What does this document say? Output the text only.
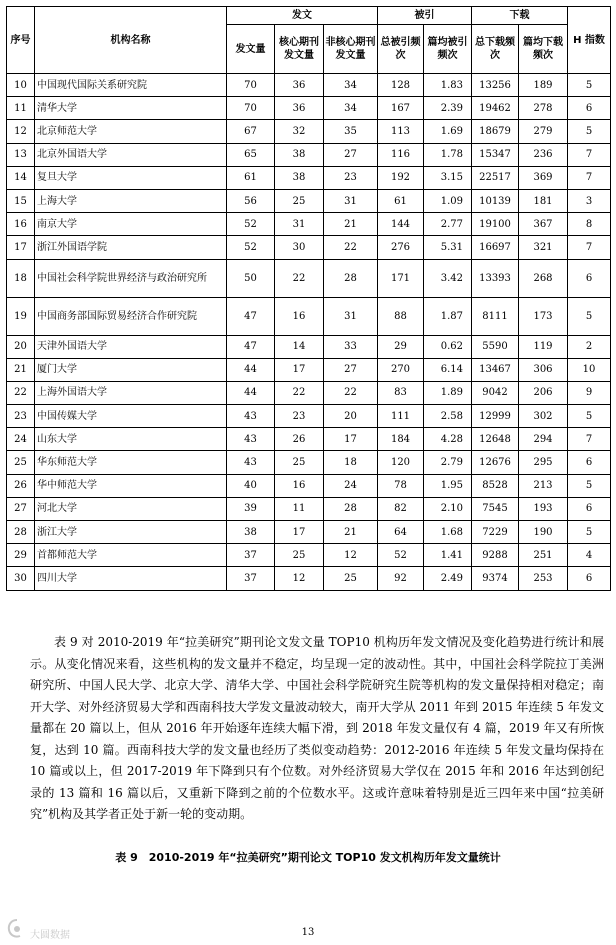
序号	机构名称	发文			被引		下载		H 指数
		发文量	核心期刊发文量	非核心期刊发文量	总被引频次	篇均被引频次	总下载频次	篇均下载频次	
10	中国现代国际关系研究院	70	36	34	128	1.83	13256	189	5
11	清华大学	70	36	34	167	2.39	19462	278	6
12	北京师范大学	67	32	35	113	1.69	18679	279	5
13	北京外国语大学	65	38	27	116	1.78	15347	236	7
14	复旦大学	61	38	23	192	3.15	22517	369	7
15	上海大学	56	25	31	61	1.09	10139	181	3
16	南京大学	52	31	21	144	2.77	19100	367	8
17	浙江外国语学院	52	30	22	276	5.31	16697	321	7
18	中国社会科学院世界经济与政治研究所	50	22	28	171	3.42	13393	268	6
19	中国商务部国际贸易经济合作研究院	47	16	31	88	1.87	8111	173	5
20	天津外国语大学	47	14	33	29	0.62	5590	119	2
21	厦门大学	44	17	27	270	6.14	13467	306	10
22	上海外国语大学	44	22	22	83	1.89	9042	206	9
23	中国传媒大学	43	23	20	111	2.58	12999	302	5
24	山东大学	43	26	17	184	4.28	12648	294	7
25	华东师范大学	43	25	18	120	2.79	12676	295	6
26	华中师范大学	40	16	24	78	1.95	8528	213	5
27	河北大学	39	11	28	82	2.10	7545	193	6
28	浙江大学	38	17	21	64	1.68	7229	190	5
29	首都师范大学	37	25	12	52	1.41	9288	251	4
30	四川大学	37	12	25	92	2.49	9374	253	6
表 9 对 2010-2019 年“拉美研究”期刊论文发文量 TOP10 机构历年发文情况及变化趋势进行统计和展示。从变化情况来看，这些机构的发文量并不稳定，均呈现一定的波动性。其中，中国社会科学院拉丁美洲研究所、中国人民大学、北京大学、清华大学、中国社会科学院研究生院等机构的发文量保持相对稳定；南开大学、对外经济贸易大学和西南科技大学发文量波动较大，南开大学从 2011 年到 2015 年连续 5 年发文量都在 20 篇以上，但从 2016 年开始逐年连续大幅下滑，到 2018 年发文量仅有 4 篇，2019 年又有所恢复，达到 10 篇。西南科技大学的发文量也经历了类似变动趋势：2012-2016 年连续 5 年发文量均保持在 10 篇或以上，但 2017-2019 年下降到只有个位数。对外经济贸易大学仅在 2015 年和 2016 年达到创纪录的 13 篇和 16 篇以后，又重新下降到之前的个位数水平。这或许意味着特别是近三四年来中国“拉美研究”机构及其学者正处于新一轮的变动期。
表 9　2010-2019 年“拉美研究”期刊论文 TOP10 发文机构历年发文量统计
大圆数据	13
